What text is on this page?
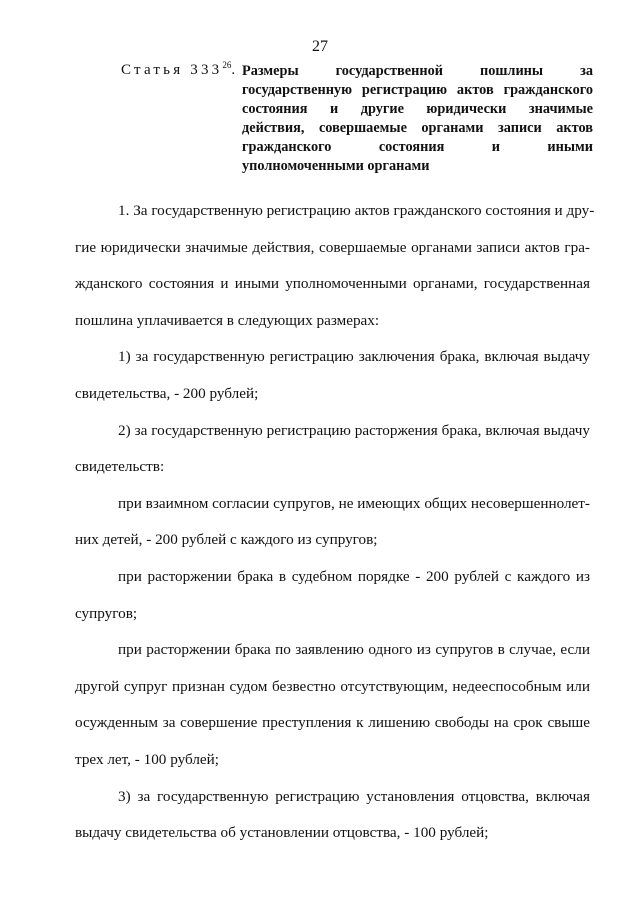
27
Статья $333^{26}$. Размеры государственной пошлины за
государственную регистрацию актов гражданского
состояния и другие юридически значимые
действия, совершаемые органами записи актов
гражданского состояния и иными
уполномоченными органами
1. За государственную регистрацию актов гражданского состояния и дру-
гие юридически значимые действия, совершаемые органами записи актов гра-
жданского состояния и иными уполномоченными органами, государственная
пошлина уплачивается в следующих размерах:
1) за государственную регистрацию заключения брака, включая выдачу
свидетельства, - 200 рублей;
2) за государственную регистрацию расторжения брака, включая выдачу
свидетельств:
при взаимном согласии супругов, не имеющих общих несовершеннолет-
них детей, - 200 рублей с каждого из супругов;
при расторжении брака в судебном порядке - 200 рублей с каждого из
супругов;
при расторжении брака по заявлению одного из супругов в случае, если
другой супруг признан судом безвестно отсутствующим, недееспособным или
осужденным за совершение преступления к лишению свободы на срок свыше
трех лет, - 100 рублей;
3) за государственную регистрацию установления отцовства, включая
выдачу свидетельства об установлении отцовства, - 100 рублей;
